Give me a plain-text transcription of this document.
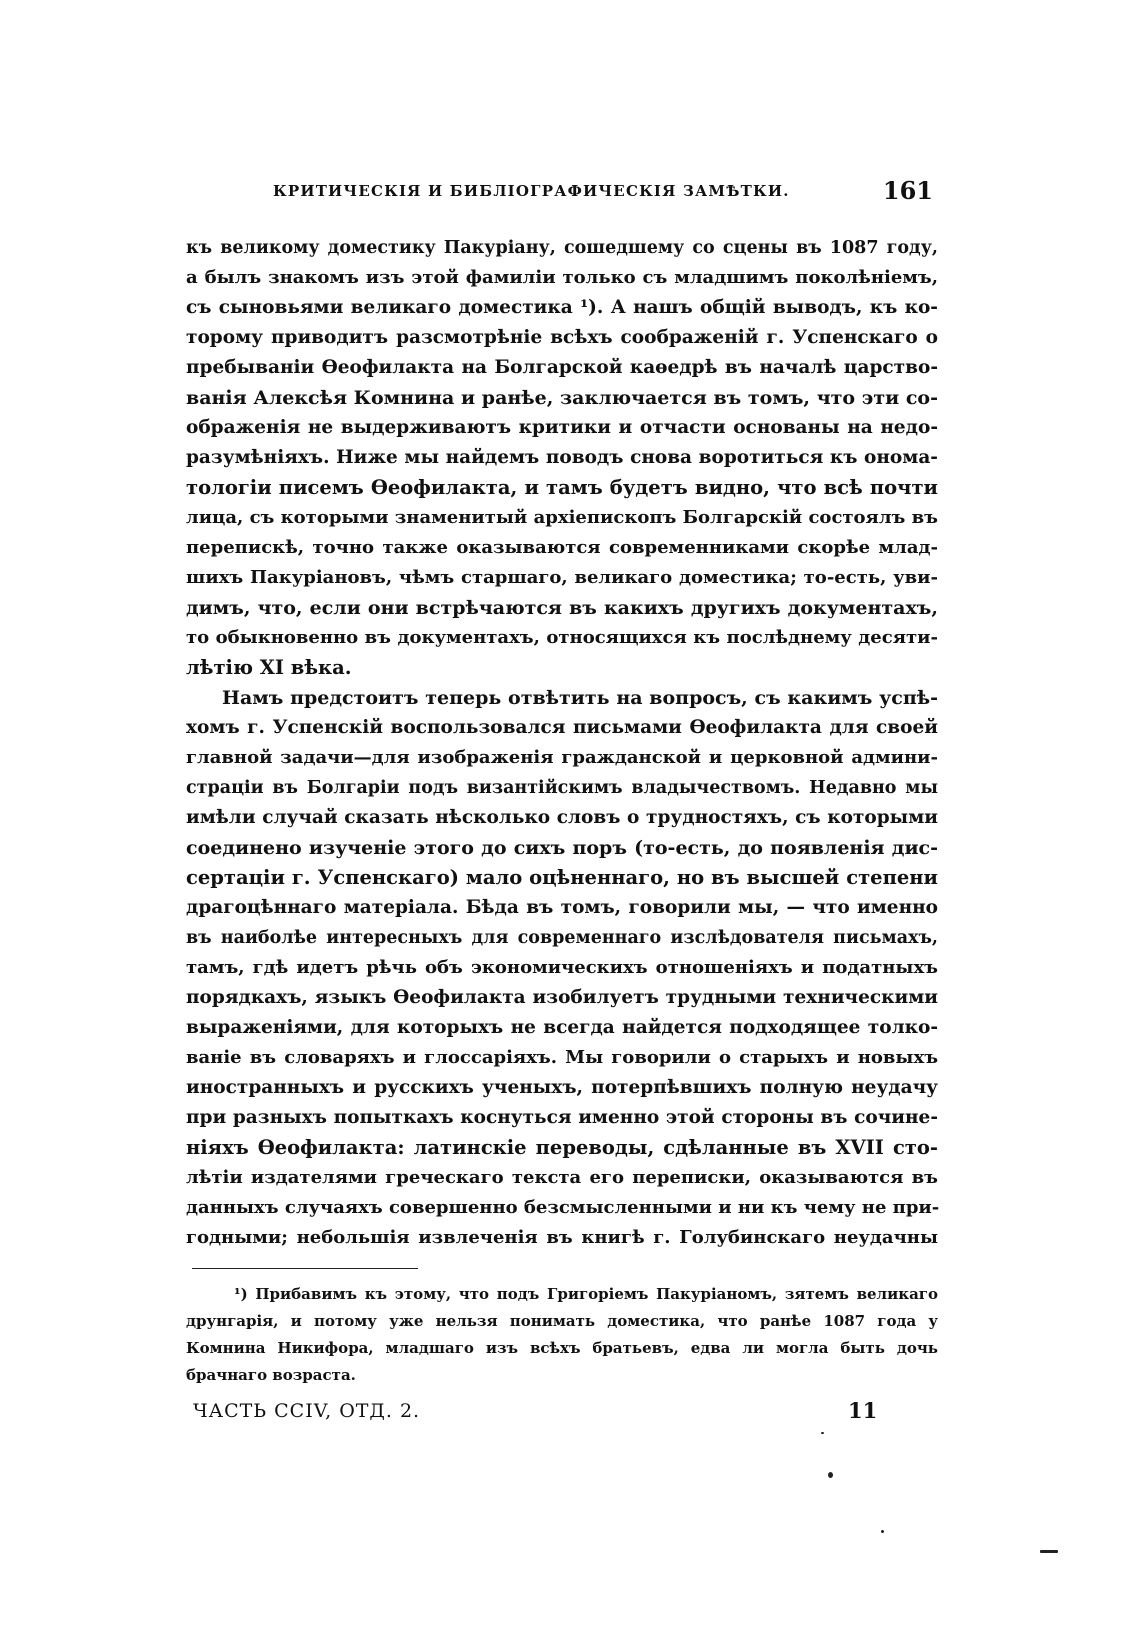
КРИТИЧЕСКІЯ И БИБЛІОГРАФИЧЕСКІЯ ЗАМѢТКИ.	161
къ великому доместику Пакуріану, сошедшему со сцены въ 1087 году,
а былъ знакомъ изъ этой фамиліи только съ младшимъ поколѣніемъ,
съ сыновьями великаго доместика ¹). А нашъ общій выводъ, къ ко-
торому приводитъ разсмотрѣніе всѣхъ соображеній г. Успенскаго о
пребываніи Өеофилакта на Болгарской каөедрѣ въ началѣ царство-
ванія Алексѣя Комнина и ранѣе, заключается въ томъ, что эти со-
ображенія не выдерживаютъ критики и отчасти основаны на недо-
разумѣніяхъ. Ниже мы найдемъ поводъ снова воротиться къ онома-
тологіи писемъ Өеофилакта, и тамъ будетъ видно, что всѣ почти
лица, съ которыми знаменитый архіепископъ Болгарскій состоялъ въ
перепискѣ, точно также оказываются современниками скорѣе млад-
шихъ Пакуріановъ, чѣмъ старшаго, великаго доместика; то-есть, уви-
димъ, что, если они встрѣчаются въ какихъ другихъ документахъ,
то обыкновенно въ документахъ, относящихся къ послѣднему десяти-
лѣтію XI вѣка.
Намъ предстоитъ теперь отвѣтить на вопросъ, съ какимъ успѣ-
хомъ г. Успенскій воспользовался письмами Өеофилакта для своей
главной задачи—для изображенія гражданской и церковной админи-
страціи въ Болгаріи подъ византійскимъ владычествомъ. Недавно мы
имѣли случай сказать нѣсколько словъ о трудностяхъ, съ которыми
соединено изученіе этого до сихъ поръ (то-есть, до появленія дис-
сертаціи г. Успенскаго) мало оцѣненнаго, но въ высшей степени
драгоцѣннаго матеріала. Бѣда въ томъ, говорили мы, — что именно
въ наиболѣе интересныхъ для современнаго изслѣдователя письмахъ,
тамъ, гдѣ идетъ рѣчь объ экономическихъ отношеніяхъ и податныхъ
порядкахъ, языкъ Өеофилакта изобилуетъ трудными техническими
выраженіями, для которыхъ не всегда найдется подходящее толко-
ваніе въ словаряхъ и глоссаріяхъ. Мы говорили о старыхъ и новыхъ
иностранныхъ и русскихъ ученыхъ, потерпѣвшихъ полную неудачу
при разныхъ попыткахъ коснуться именно этой стороны въ сочине-
ніяхъ Өеофилакта: латинскіе переводы, сдѣланные въ XVII сто-
лѣтіи издателями греческаго текста его переписки, оказываются въ
данныхъ случаяхъ совершенно безсмысленными и ни къ чему не при-
годными; небольшія извлеченія въ книгѣ г. Голубинскаго неудачны
¹) Прибавимъ къ этому, что подъ Григоріемъ Пакуріаномъ, зятемъ великаго
друнгарія, и потому уже нельзя понимать доместика, что ранѣе 1087 года у
Комнина Никифора, младшаго изъ всѣхъ братьевъ, едва ли могла быть дочь
брачнаго возраста.
ЧАСТЬ CCIV, ОТД. 2.	11
